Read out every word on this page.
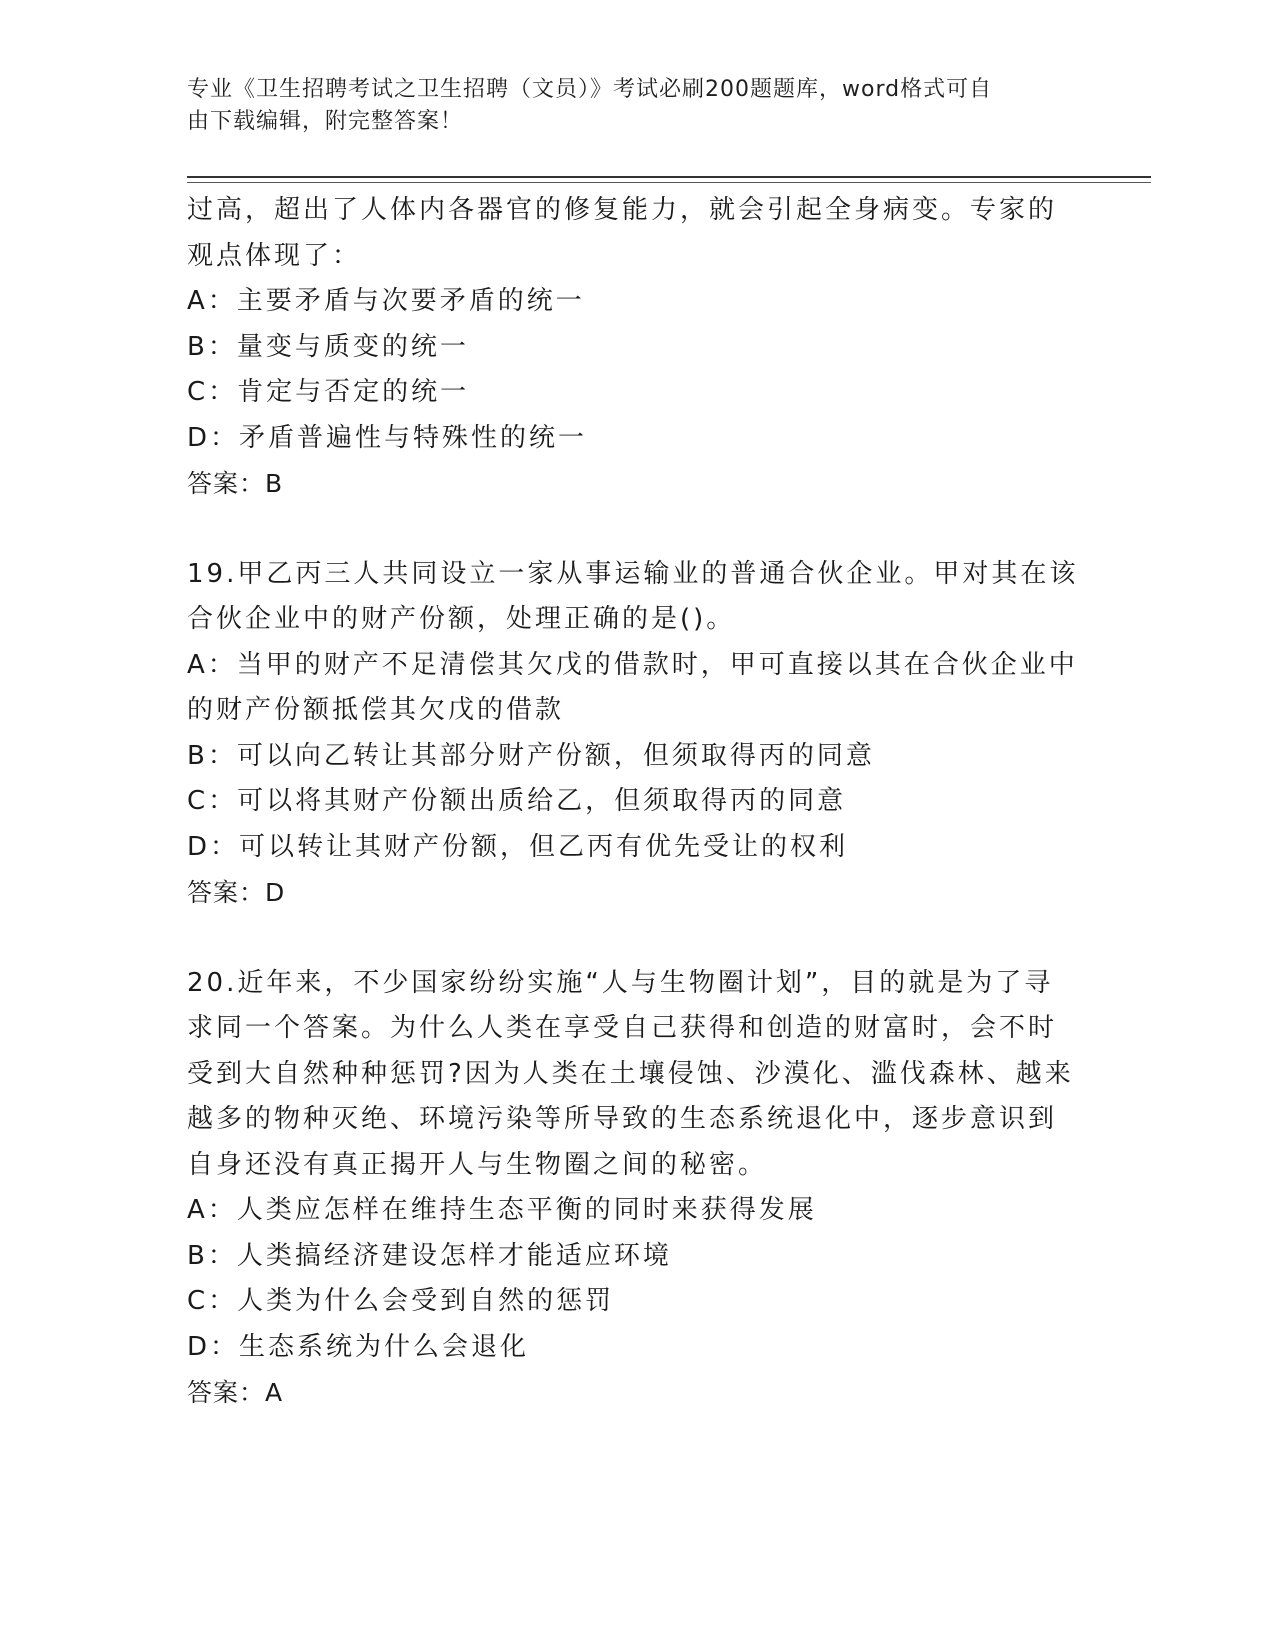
专业《卫生招聘考试之卫生招聘（文员）》考试必刷200题题库，word格式可自
由下载编辑，附完整答案！
过高，超出了人体内各器官的修复能力，就会引起全身病变。专家的
观点体现了：
A：主要矛盾与次要矛盾的统一
B：量变与质变的统一
C：肯定与否定的统一
D：矛盾普遍性与特殊性的统一
答案：B
19.甲乙丙三人共同设立一家从事运输业的普通合伙企业。甲对其在该
合伙企业中的财产份额，处理正确的是()。
A：当甲的财产不足清偿其欠戊的借款时，甲可直接以其在合伙企业中
的财产份额抵偿其欠戊的借款
B：可以向乙转让其部分财产份额，但须取得丙的同意
C：可以将其财产份额出质给乙，但须取得丙的同意
D：可以转让其财产份额，但乙丙有优先受让的权利
答案：D
20.近年来，不少国家纷纷实施“人与生物圈计划”，目的就是为了寻
求同一个答案。为什么人类在享受自己获得和创造的财富时，会不时
受到大自然种种惩罚?因为人类在土壤侵蚀、沙漠化、滥伐森林、越来
越多的物种灭绝、环境污染等所导致的生态系统退化中，逐步意识到
自身还没有真正揭开人与生物圈之间的秘密。
A：人类应怎样在维持生态平衡的同时来获得发展
B：人类搞经济建设怎样才能适应环境
C：人类为什么会受到自然的惩罚
D：生态系统为什么会退化
答案：A
